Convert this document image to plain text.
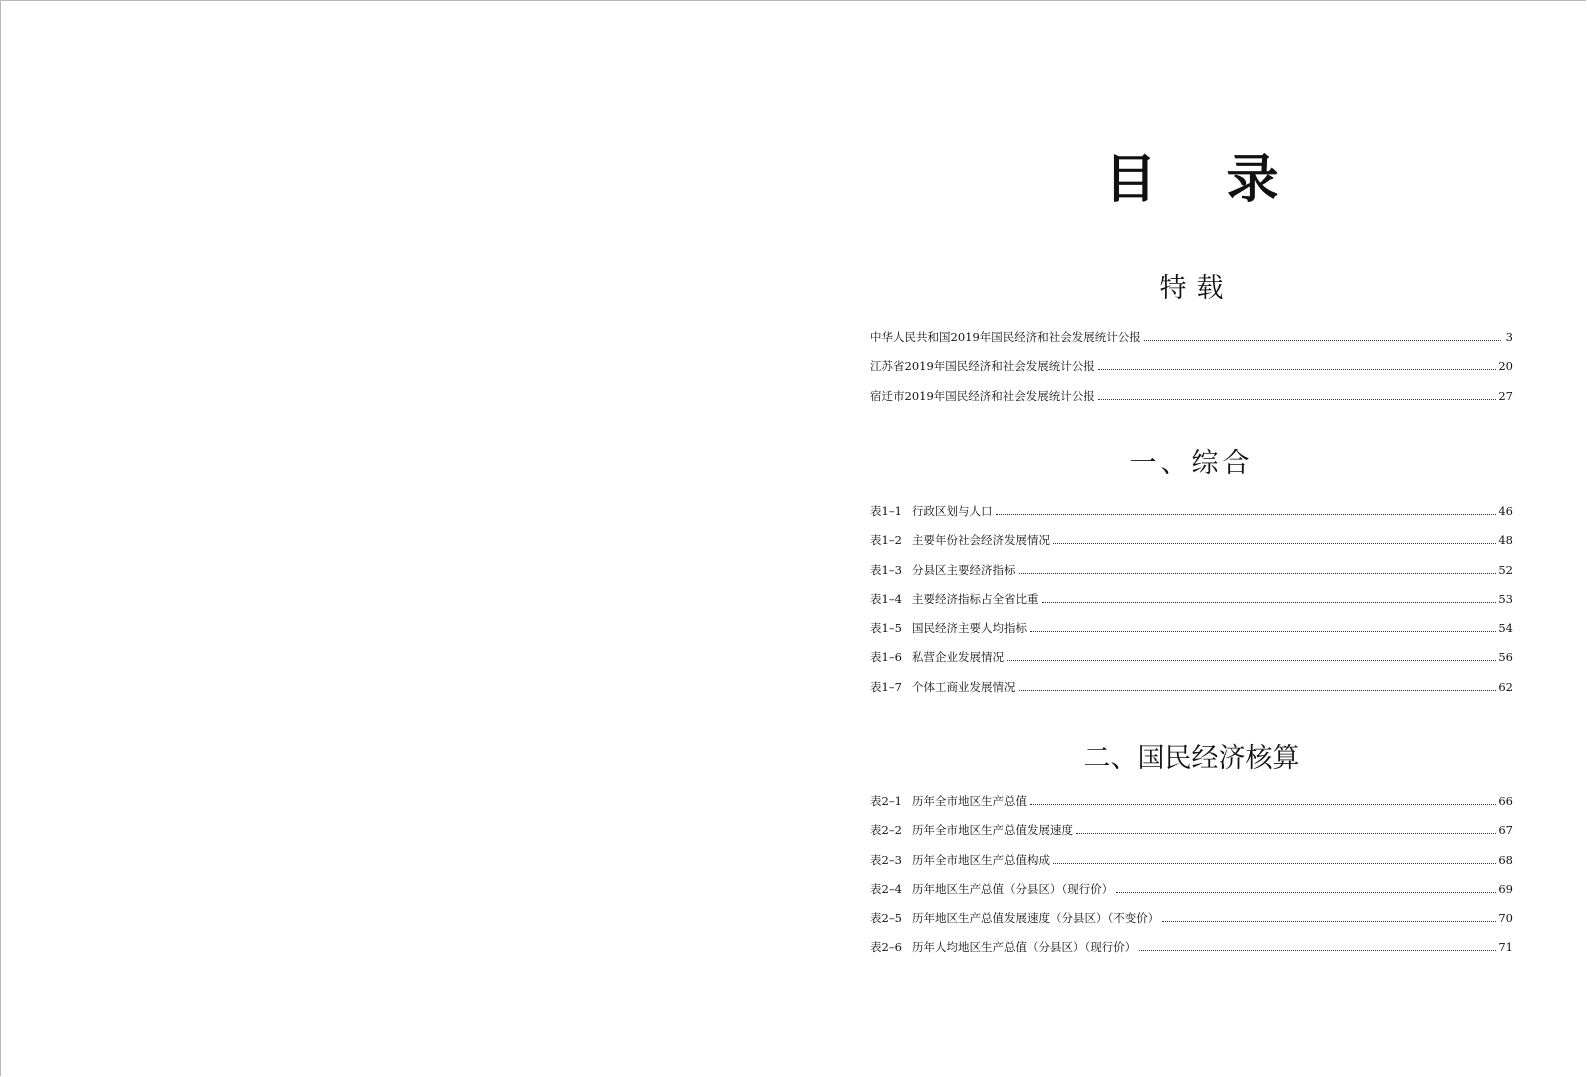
目录
特载
中华人民共和国2019年国民经济和社会发展统计公报	3
江苏省2019年国民经济和社会发展统计公报	20
宿迁市2019年国民经济和社会发展统计公报	27
一、综合
表1–1 行政区划与人口	46
表1–2 主要年份社会经济发展情况	48
表1–3 分县区主要经济指标	52
表1–4 主要经济指标占全省比重	53
表1–5 国民经济主要人均指标	54
表1–6 私营企业发展情况	56
表1–7 个体工商业发展情况	62
二、国民经济核算
表2–1 历年全市地区生产总值	66
表2–2 历年全市地区生产总值发展速度	67
表2–3 历年全市地区生产总值构成	68
表2–4 历年地区生产总值（分县区）（现行价）	69
表2–5 历年地区生产总值发展速度（分县区）（不变价）	70
表2–6 历年人均地区生产总值（分县区）（现行价）	71
